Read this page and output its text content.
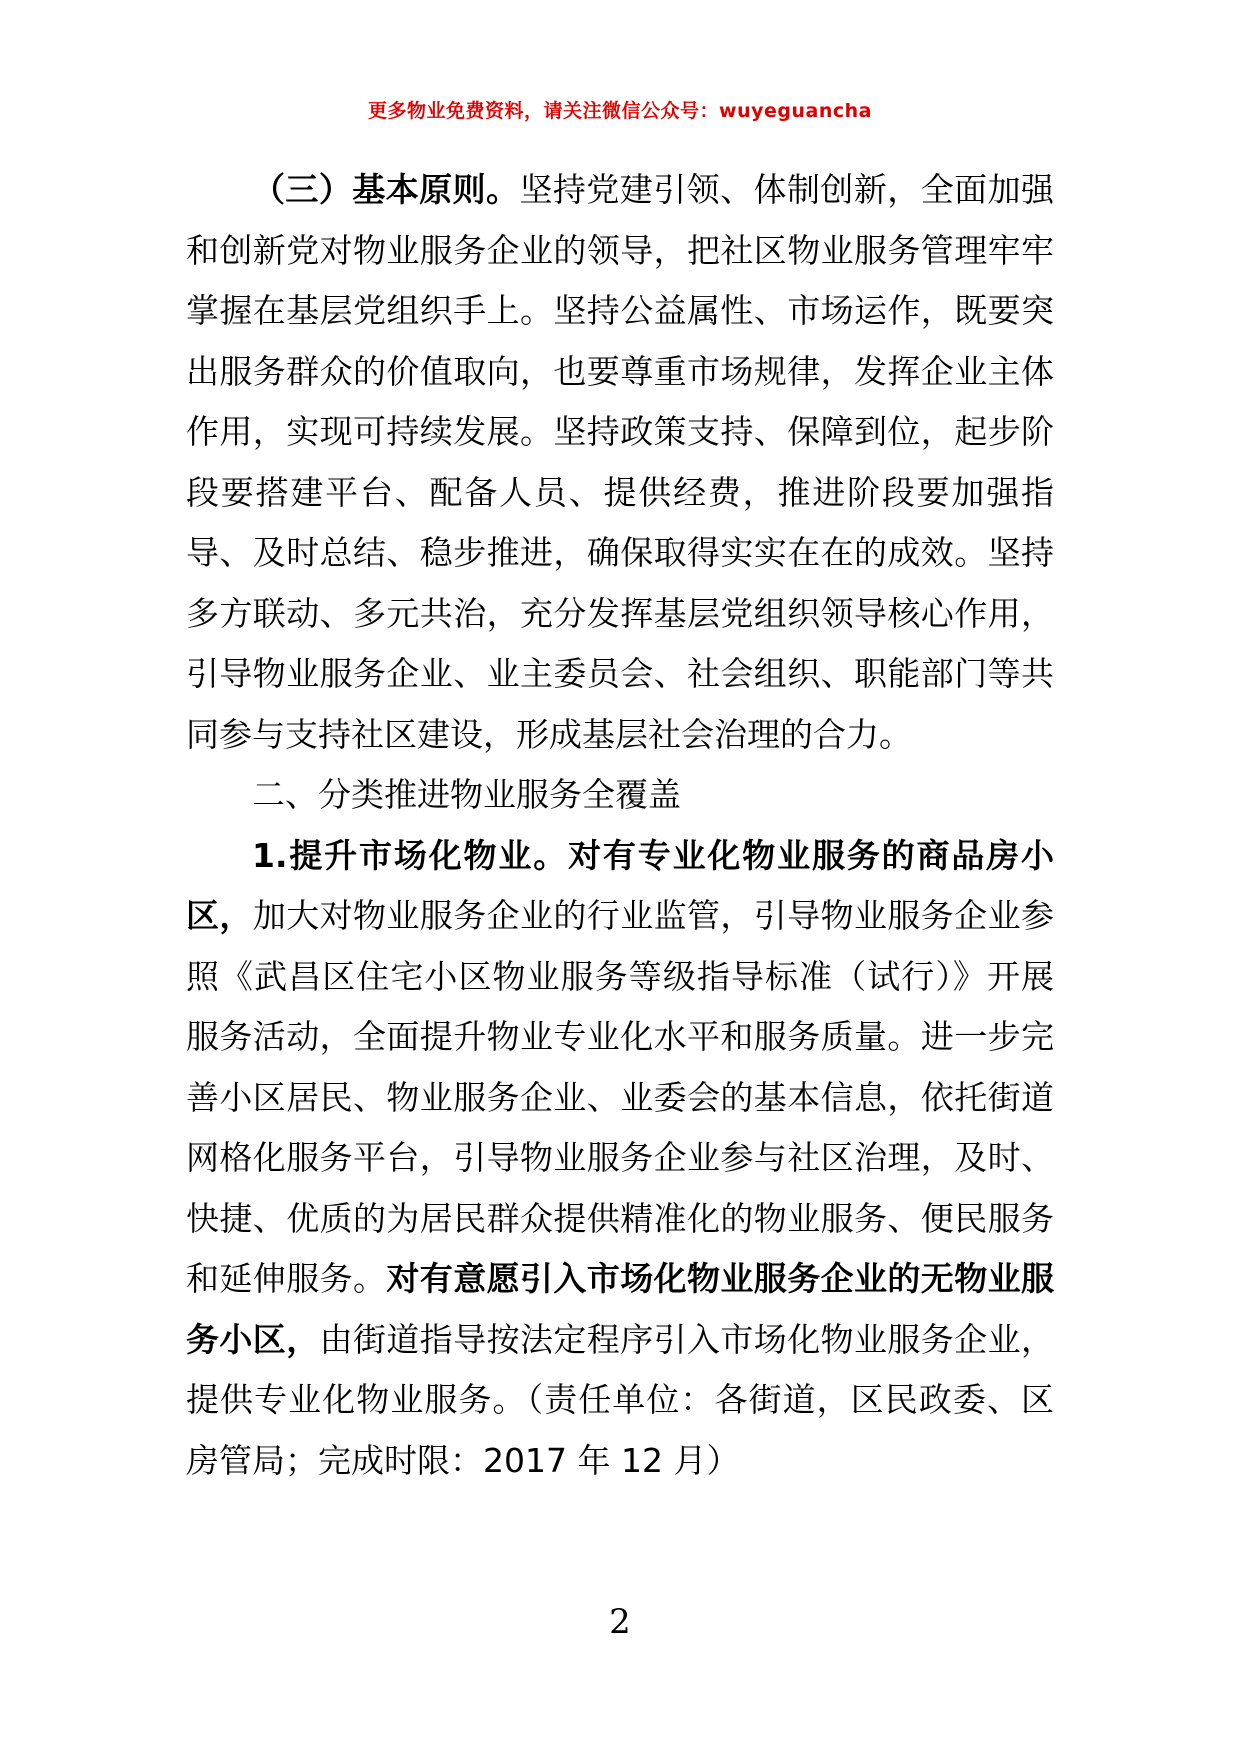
更多物业免费资料，请关注微信公众号：wuyeguancha

（三）基本原则。坚持党建引领、体制创新，全面加强和创新党对物业服务企业的领导，把社区物业服务管理牢牢掌握在基层党组织手上。坚持公益属性、市场运作，既要突出服务群众的价值取向，也要尊重市场规律，发挥企业主体作用，实现可持续发展。坚持政策支持、保障到位，起步阶段要搭建平台、配备人员、提供经费，推进阶段要加强指导、及时总结、稳步推进，确保取得实实在在的成效。坚持多方联动、多元共治，充分发挥基层党组织领导核心作用，引导物业服务企业、业主委员会、社会组织、职能部门等共同参与支持社区建设，形成基层社会治理的合力。

二、分类推进物业服务全覆盖

1.提升市场化物业。对有专业化物业服务的商品房小区，加大对物业服务企业的行业监管，引导物业服务企业参照《武昌区住宅小区物业服务等级指导标准（试行）》开展服务活动，全面提升物业专业化水平和服务质量。进一步完善小区居民、物业服务企业、业委会的基本信息，依托街道网格化服务平台，引导物业服务企业参与社区治理，及时、快捷、优质的为居民群众提供精准化的物业服务、便民服务和延伸服务。对有意愿引入市场化物业服务企业的无物业服务小区，由街道指导按法定程序引入市场化物业服务企业，提供专业化物业服务。（责任单位：各街道，区民政委、区房管局；完成时限：2017 年 12 月）

2
